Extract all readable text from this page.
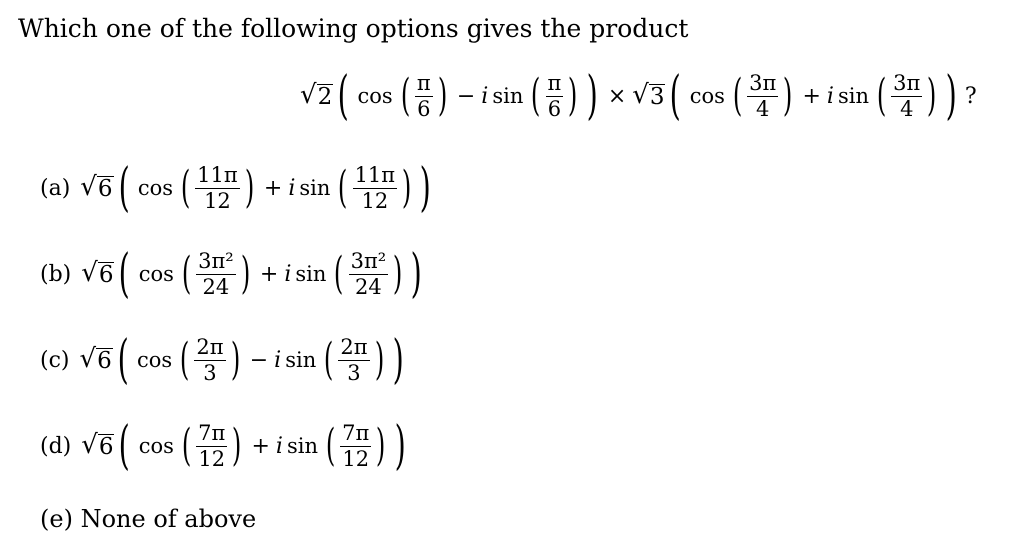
Which one of the following options gives the product
√ 2 ( cos ( $\frac{\pi}{6}$ ) − i sin ( $\frac{\pi}{6}$ ) ) × √ 3 ( cos ( $\frac{3\pi}{4}$ ) + i sin ( $\frac{3\pi}{4}$ ) ) ?
(a) √ 6 ( cos ( $\frac{11\pi}{12}$ ) + i sin ( $\frac{11\pi}{12}$ ) )
(b) √ 6 ( cos ( $\frac{\text{3π²}}{24}$ ) + i sin ( $\frac{\text{3π²}}{24}$ ) )
(c) √ 6 ( cos ( $\frac{2\pi}{3}$ ) − i sin ( $\frac{2\pi}{3}$ ) )
(d) √ 6 ( cos ( $\frac{7\pi}{12}$ ) + i sin ( $\frac{7\pi}{12}$ ) )
(e) None of above
